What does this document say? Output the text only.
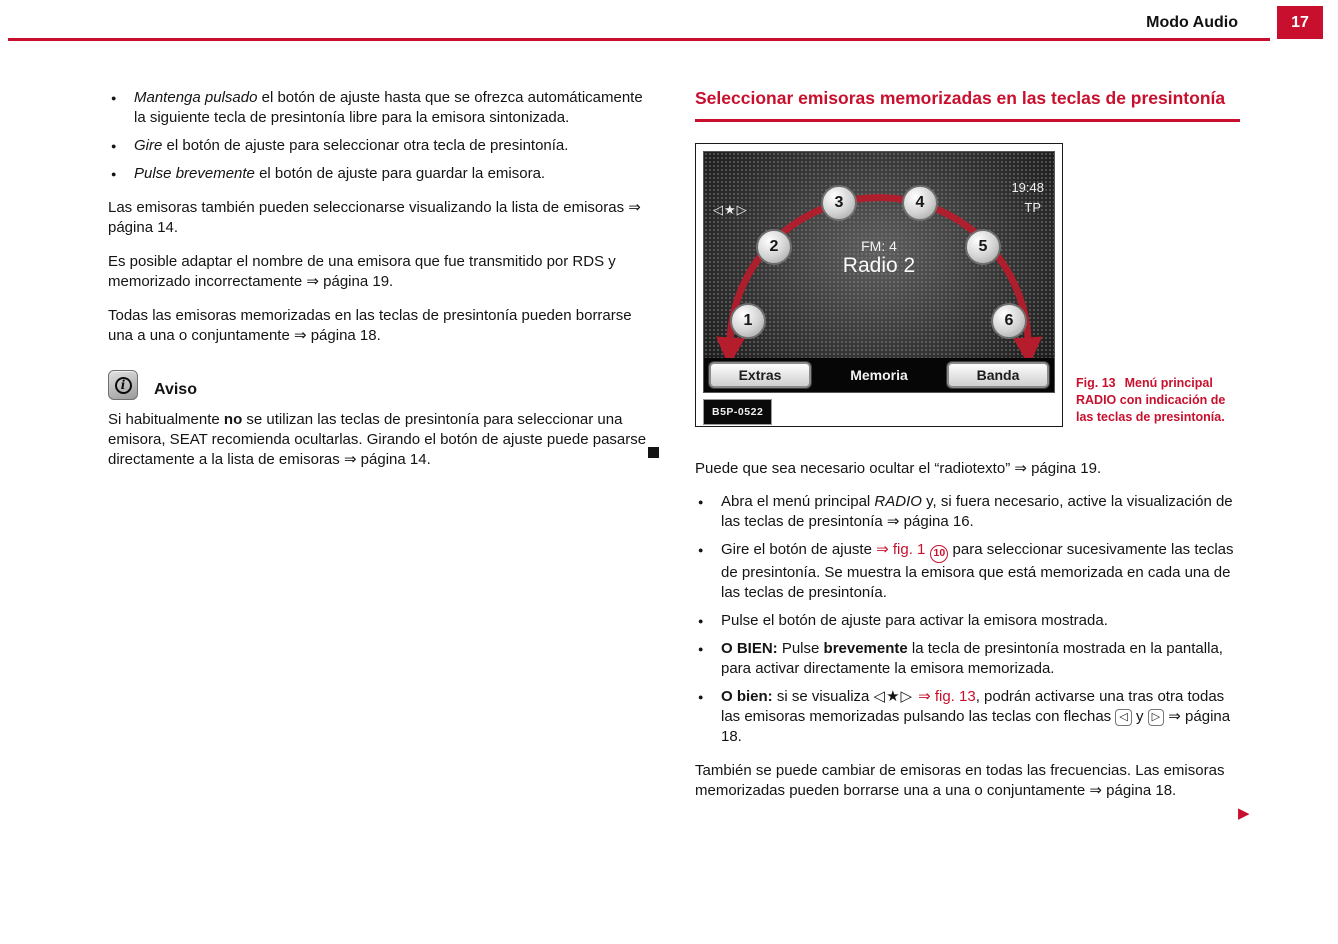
Modo Audio	17
● Mantenga pulsado el botón de ajuste hasta que se ofrezca automáticamente la siguiente tecla de presintonía libre para la emisora sintonizada.
● Gire el botón de ajuste para seleccionar otra tecla de presintonía.
● Pulse brevemente el botón de ajuste para guardar la emisora.
Las emisoras también pueden seleccionarse visualizando la lista de emisoras ⇒ página 14.
Es posible adaptar el nombre de una emisora que fue transmitido por RDS y memorizado incorrectamente ⇒ página 19.
Todas las emisoras memorizadas en las teclas de presintonía pueden borrarse una a una o conjuntamente ⇒ página 18.
i	Aviso
Si habitualmente no se utilizan las teclas de presintonía para seleccionar una emisora, SEAT recomienda ocultarlas. Girando el botón de ajuste puede pasarse directamente a la lista de emisoras ⇒ página 14.
Seleccionar emisoras memorizadas en las teclas de presintonía
◁★▷
19:48
TP
FM: 4
Radio 2
1
2
3	4
5
6
Extras	Memoria	Banda
B5P-0522
Fig. 13 Menú principal RADIO con indicación de las teclas de presintonía.
Puede que sea necesario ocultar el “radiotexto” ⇒ página 19.
● Abra el menú principal RADIO y, si fuera necesario, active la visualización de las teclas de presintonía ⇒ página 16.
● Gire el botón de ajuste ⇒ fig. 1 10 para seleccionar sucesivamente las teclas de presintonía. Se muestra la emisora que está memorizada en cada una de las teclas de presintonía.
● Pulse el botón de ajuste para activar la emisora mostrada.
● O BIEN: Pulse brevemente la tecla de presintonía mostrada en la pantalla, para activar directamente la emisora memorizada.
● O bien: si se visualiza ◁★▷ ⇒ fig. 13, podrán activarse una tras otra todas las emisoras memorizadas pulsando las teclas con flechas ◁ y ▷ ⇒ página 18.
También se puede cambiar de emisoras en todas las frecuencias. Las emisoras memorizadas pueden borrarse una a una o conjuntamente ⇒ página 18.
▶
